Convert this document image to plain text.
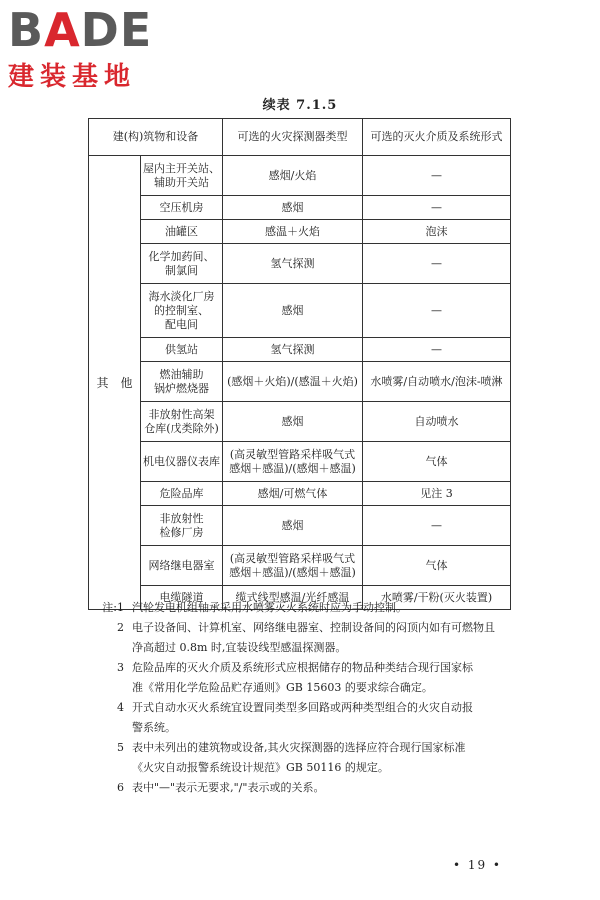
B A D E
建装基地
续表 7.1.5
建(构)筑物和设备		可选的火灾探测器类型	可选的灭火介质及系统形式
其　他	屋内主开关站、
辅助开关站	感烟/火焰	—

	空压机房	感烟	—

	油罐区	感温＋火焰	泡沫

	化学加药间、
制氯间	氢气探测	—

	海水淡化厂房
的控制室、
配电间	感烟	—

	供氢站	氢气探测	—

	燃油辅助
锅炉燃烧器	(感烟＋火焰)/(感温＋火焰)	水喷雾/自动喷水/泡沫-喷淋

	非放射性高架
仓库(戊类除外)	感烟	自动喷水

	机电仪器仪表库	(高灵敏型管路采样吸气式
感烟＋感温)/(感烟＋感温)	气体

	危险品库	感烟/可燃气体	见注 3

	非放射性
检修厂房	感烟	—

	网络继电器室	(高灵敏型管路采样吸气式
感烟＋感温)/(感烟＋感温)	气体

	电缆隧道	缆式线型感温/光纤感温	水喷雾/干粉(灭火装置)
注:1 汽轮发电机组轴承采用水喷雾灭火系统时应为手动控制。
2 电子设备间、计算机室、网络继电器室、控制设备间的闷顶内如有可燃物且
净高超过 0.8m 时,宜装设线型感温探测器。
3 危险品库的灭火介质及系统形式应根据储存的物品种类结合现行国家标
准《常用化学危险品贮存通则》GB 15603 的要求综合确定。
4 开式自动水灭火系统宜设置同类型多回路或两种类型组合的火灾自动报
警系统。
5 表中未列出的建筑物或设备,其火灾探测器的选择应符合现行国家标准
《火灾自动报警系统设计规范》GB 50116 的规定。
6 表中"—"表示无要求,"/"表示或的关系。
• 19 •
